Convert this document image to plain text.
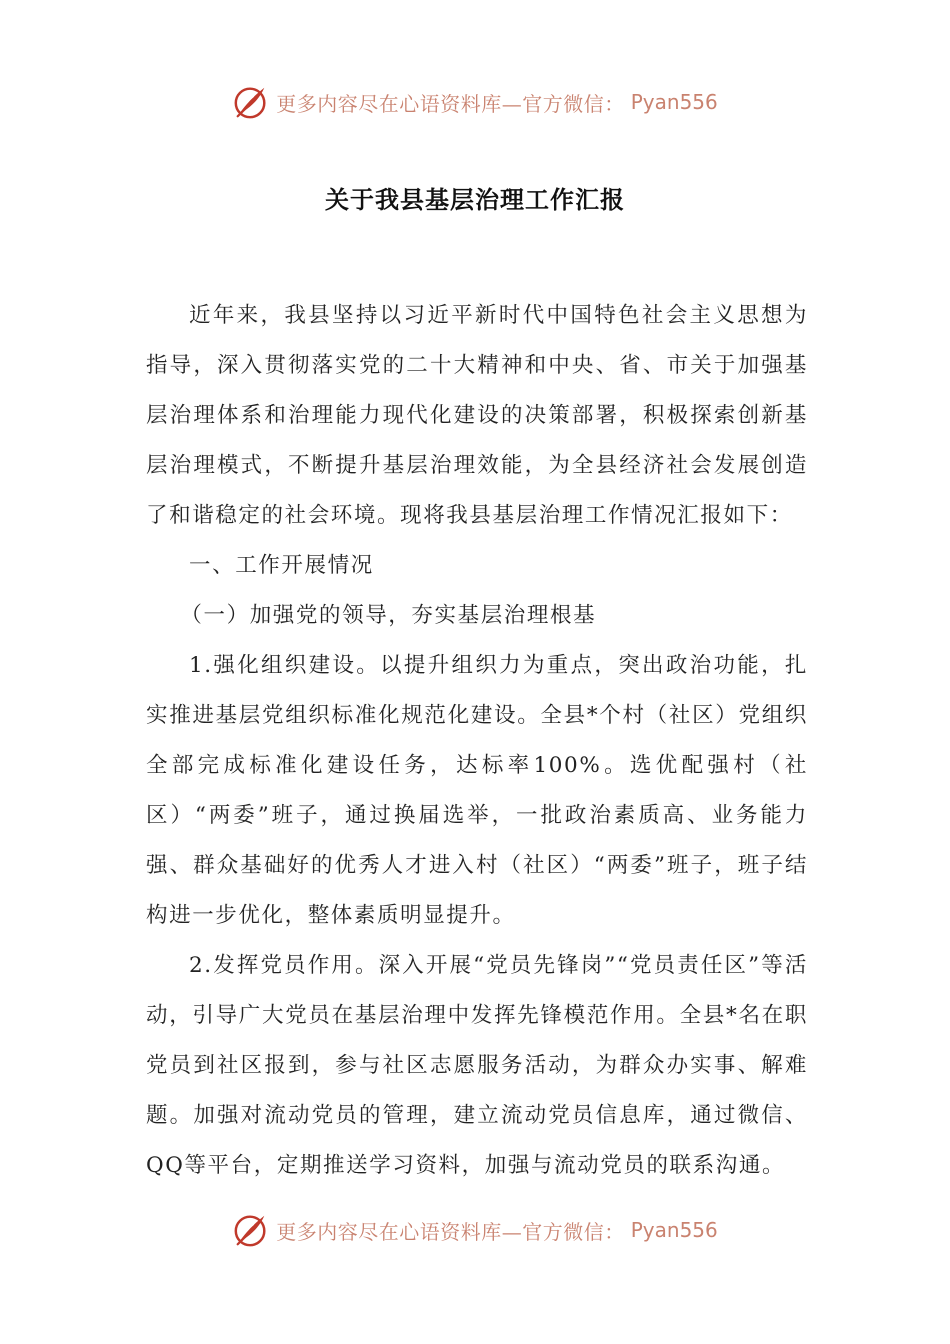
更多内容尽在心语资料库—官方微信： Pyan556
关于我县基层治理工作汇报

近年来，我县坚持以习近平新时代中国特色社会主义思想为指导，深入贯彻落实党的二十大精神和中央、省、市关于加强基层治理体系和治理能力现代化建设的决策部署，积极探索创新基层治理模式，不断提升基层治理效能，为全县经济社会发展创造了和谐稳定的社会环境。现将我县基层治理工作情况汇报如下：

一、工作开展情况

（一）加强党的领导，夯实基层治理根基

1.强化组织建设。以提升组织力为重点，突出政治功能，扎实推进基层党组织标准化规范化建设。全县*个村（社区）党组织全部完成标准化建设任务，达标率100%。选优配强村（社区）“两委”班子，通过换届选举，一批政治素质高、业务能力强、群众基础好的优秀人才进入村（社区）“两委”班子，班子结构进一步优化，整体素质明显提升。

2.发挥党员作用。深入开展“党员先锋岗”“党员责任区”等活动，引导广大党员在基层治理中发挥先锋模范作用。全县*名在职党员到社区报到，参与社区志愿服务活动，为群众办实事、解难题。加强对流动党员的管理，建立流动党员信息库，通过微信、QQ等平台，定期推送学习资料，加强与流动党员的联系沟通。

更多内容尽在心语资料库—官方微信： Pyan556
